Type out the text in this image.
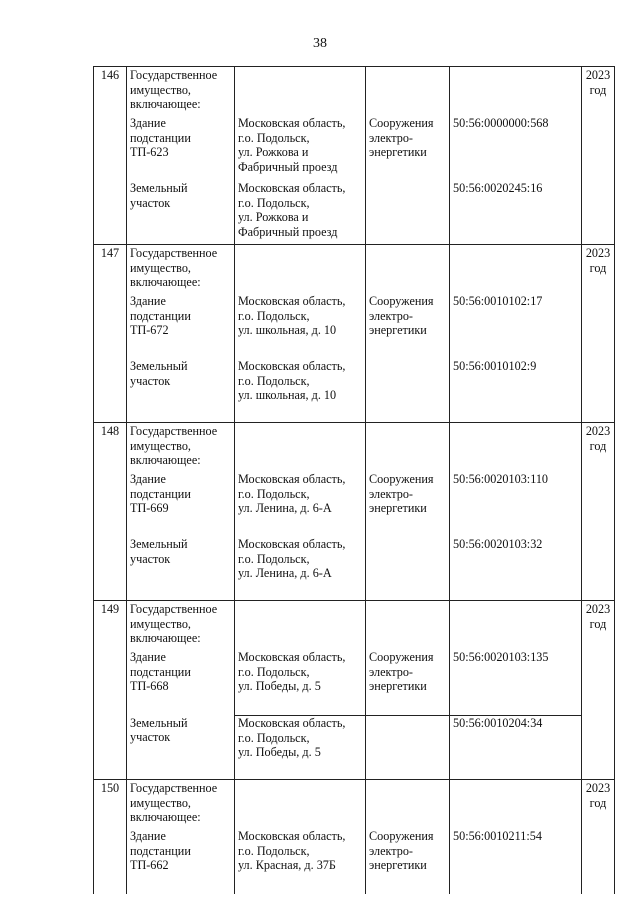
38
146	Государственное
имущество,
включающее:				2023
год
	Здание
подстанции
ТП-623	Московская область,
г.о. Подольск,
ул. Рожкова и
Фабричный проезд	Сооружения
электро-
энергетики	50:56:0000000:568	
	Земельный
участок	Московская область,
г.о. Подольск,
ул. Рожкова и
Фабричный проезд		50:56:0020245:16	
147	Государственное
имущество,
включающее:				2023
год
	Здание
подстанции
ТП-672	Московская область,
г.о. Подольск,
ул. школьная, д. 10	Сооружения
электро-
энергетики	50:56:0010102:17	
	Земельный
участок	Московская область,
г.о. Подольск,
ул. школьная, д. 10		50:56:0010102:9	
148	Государственное
имущество,
включающее:				2023
год
	Здание
подстанции
ТП-669	Московская область,
г.о. Подольск,
ул. Ленина, д. 6-А	Сооружения
электро-
энергетики	50:56:0020103:110	
	Земельный
участок	Московская область,
г.о. Подольск,
ул. Ленина, д. 6-А		50:56:0020103:32	
149	Государственное
имущество,
включающее:				2023
год
	Здание
подстанции
ТП-668	Московская область,
г.о. Подольск,
ул. Победы, д. 5	Сооружения
электро-
энергетики	50:56:0020103:135	
	Земельный
участок	Московская область,
г.о. Подольск,
ул. Победы, д. 5		50:56:0010204:34	
150	Государственное
имущество,
включающее:				2023
год
	Здание
подстанции
ТП-662	Московская область,
г.о. Подольск,
ул. Красная, д. 37Б	Сооружения
электро-
энергетики	50:56:0010211:54	
